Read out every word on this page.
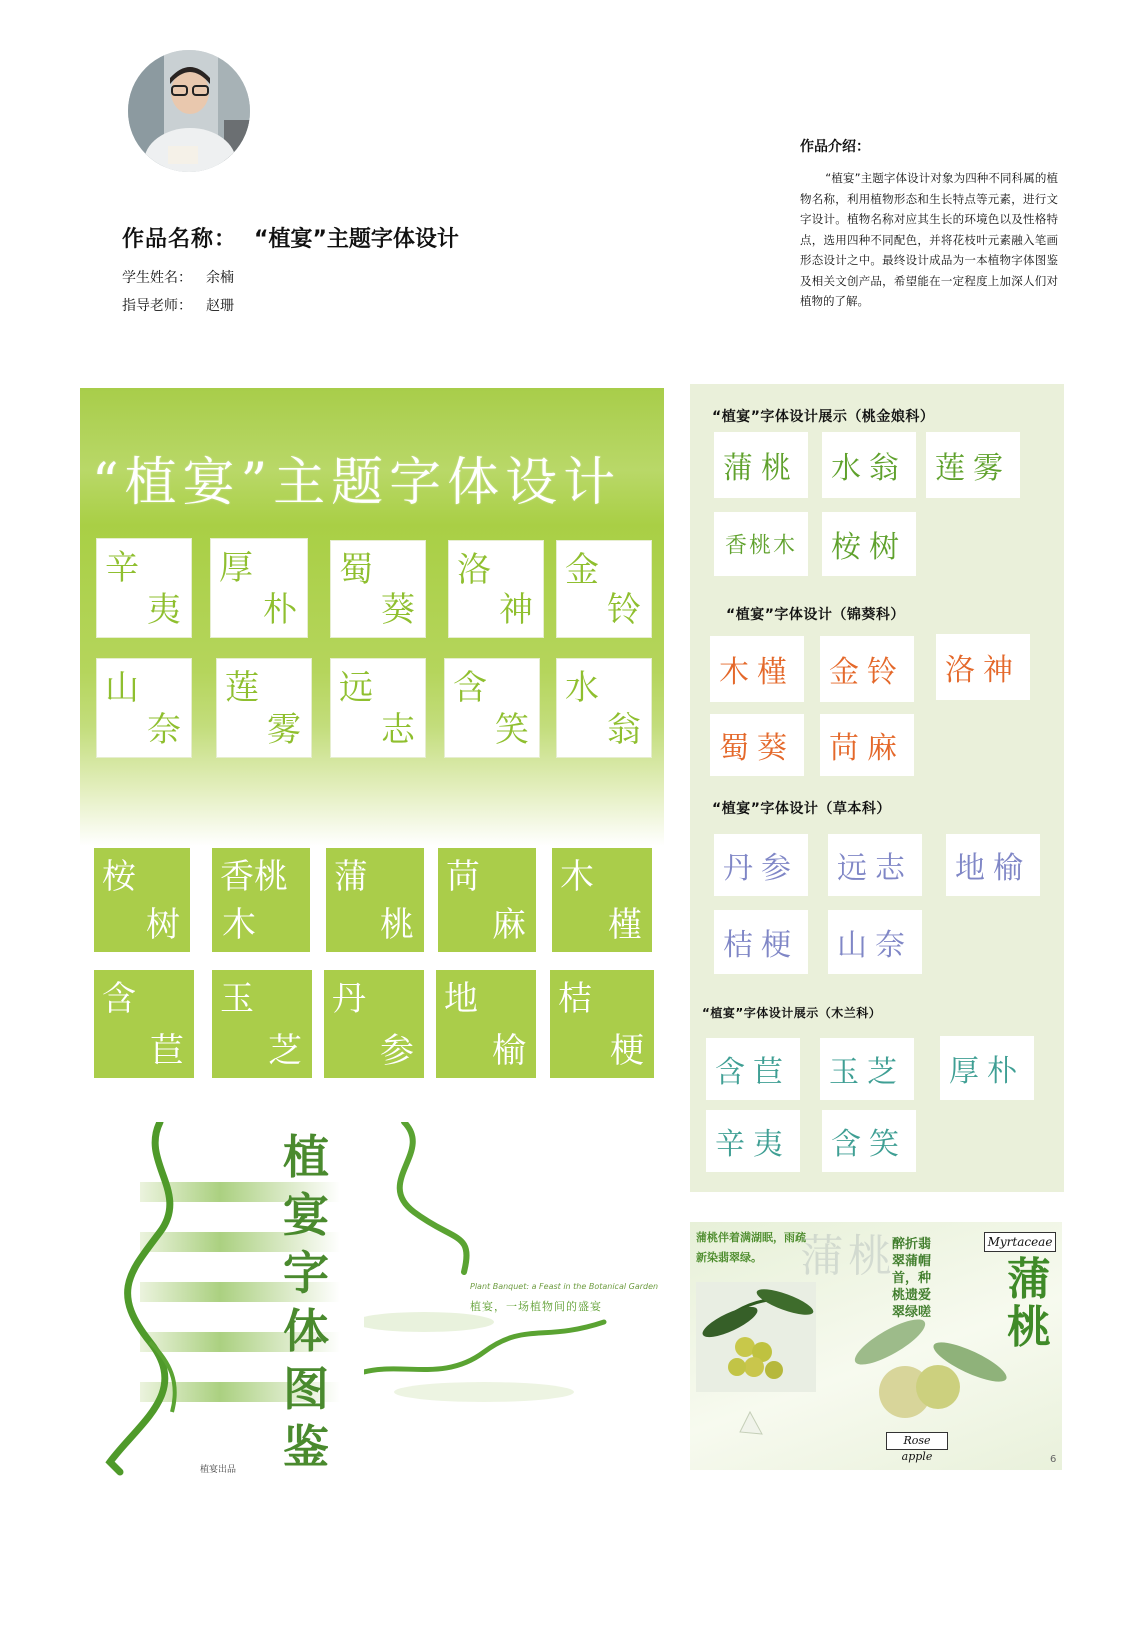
作品名称： “植宴”主题字体设计
学生姓名： 余楠
指导老师： 赵珊
作品介绍：
“植宴”主题字体设计对象为四种不同科属的植物名称，利用植物形态和生长特点等元素，进行文字设计。植物名称对应其生长的环境色以及性格特点，选用四种不同配色，并将花枝叶元素融入笔画形态设计之中。最终设计成品为一本植物字体图鉴及相关文创产品，希望能在一定程度上加深人们对植物的了解。
“植宴”主题字体设计
辛
夷
厚
朴
蜀
葵
洛
神
金
铃
山
奈
莲
雾
远
志
含
笑
水
翁
桉
树
香桃
木
蒲
桃
苘
麻
木
槿
含
苣
玉
芝
丹
参
地
榆
桔
梗
植宴字体图鉴
植宴出品
Plant Banquet: a Feast in the Botanical Garden
植宴，一场植物间的盛宴
“植宴”字体设计展示（桃金娘科）
蒲桃	水翁 莲雾
香桃木	桉树
“植宴”字体设计（锦葵科）
木槿	金铃	洛神
蜀葵	苘麻
“植宴”字体设计（草本科）
丹参	远志	地榆
桔梗	山奈
“植宴”字体设计展示（木兰科）
含苣	玉芝	厚朴
辛夷	含笑
蒲桃伴着满湖眠，雨疏新染翡翠绿。 蒲桃
醉折翡翠蒲帽首，种桃遗爱翠绿嗟
Myrtaceae
蒲桃
Rose apple	6
